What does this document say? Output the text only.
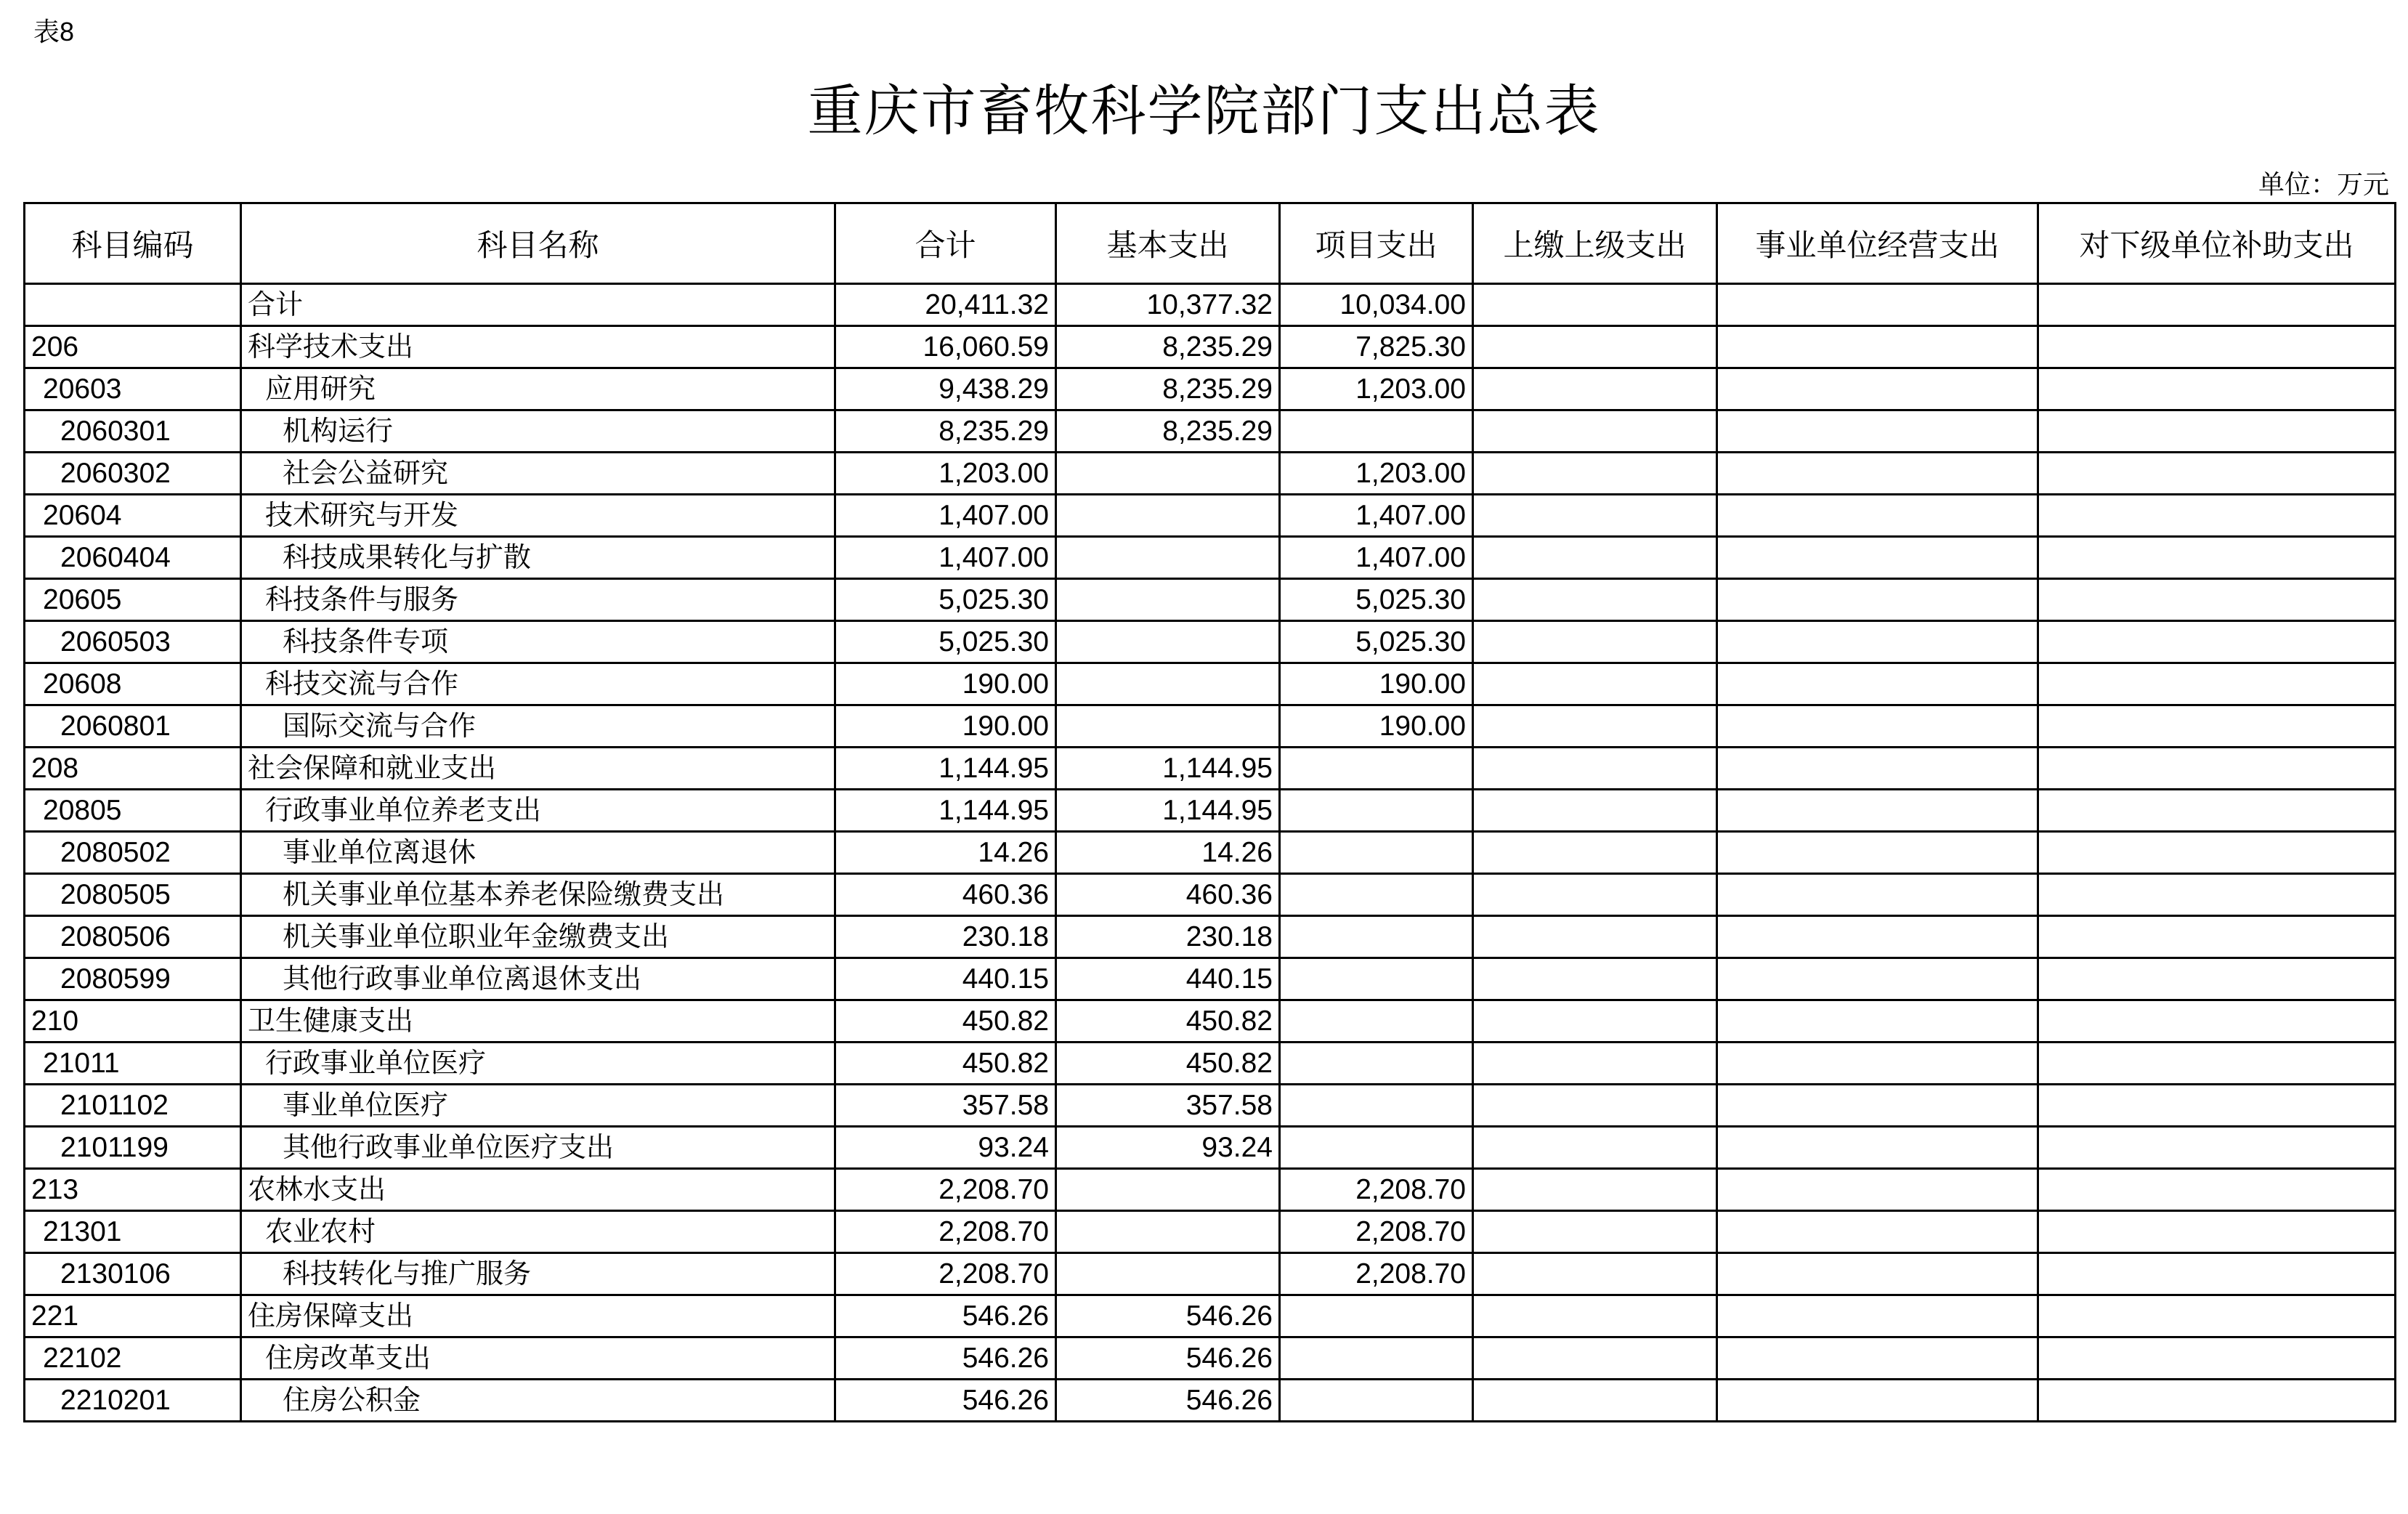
表8
重庆市畜牧科学院部门支出总表
单位：万元
科目编码	科目名称	合计	基本支出	项目支出	上缴上级支出	事业单位经营支出	对下级单位补助支出
	合计	20,411.32	10,377.32	10,034.00			
206	科学技术支出	16,060.59	8,235.29	7,825.30			
20603	应用研究	9,438.29	8,235.29	1,203.00			
2060301	机构运行	8,235.29	8,235.29				
2060302	社会公益研究	1,203.00		1,203.00			
20604	技术研究与开发	1,407.00		1,407.00			
2060404	科技成果转化与扩散	1,407.00		1,407.00			
20605	科技条件与服务	5,025.30		5,025.30			
2060503	科技条件专项	5,025.30		5,025.30			
20608	科技交流与合作	190.00		190.00			
2060801	国际交流与合作	190.00		190.00			
208	社会保障和就业支出	1,144.95	1,144.95				
20805	行政事业单位养老支出	1,144.95	1,144.95				
2080502	事业单位离退休	14.26	14.26				
2080505	机关事业单位基本养老保险缴费支出	460.36	460.36				
2080506	机关事业单位职业年金缴费支出	230.18	230.18				
2080599	其他行政事业单位离退休支出	440.15	440.15				
210	卫生健康支出	450.82	450.82				
21011	行政事业单位医疗	450.82	450.82				
2101102	事业单位医疗	357.58	357.58				
2101199	其他行政事业单位医疗支出	93.24	93.24				
213	农林水支出	2,208.70		2,208.70			
21301	农业农村	2,208.70		2,208.70			
2130106	科技转化与推广服务	2,208.70		2,208.70			
221	住房保障支出	546.26	546.26				
22102	住房改革支出	546.26	546.26				
2210201	住房公积金	546.26	546.26				
